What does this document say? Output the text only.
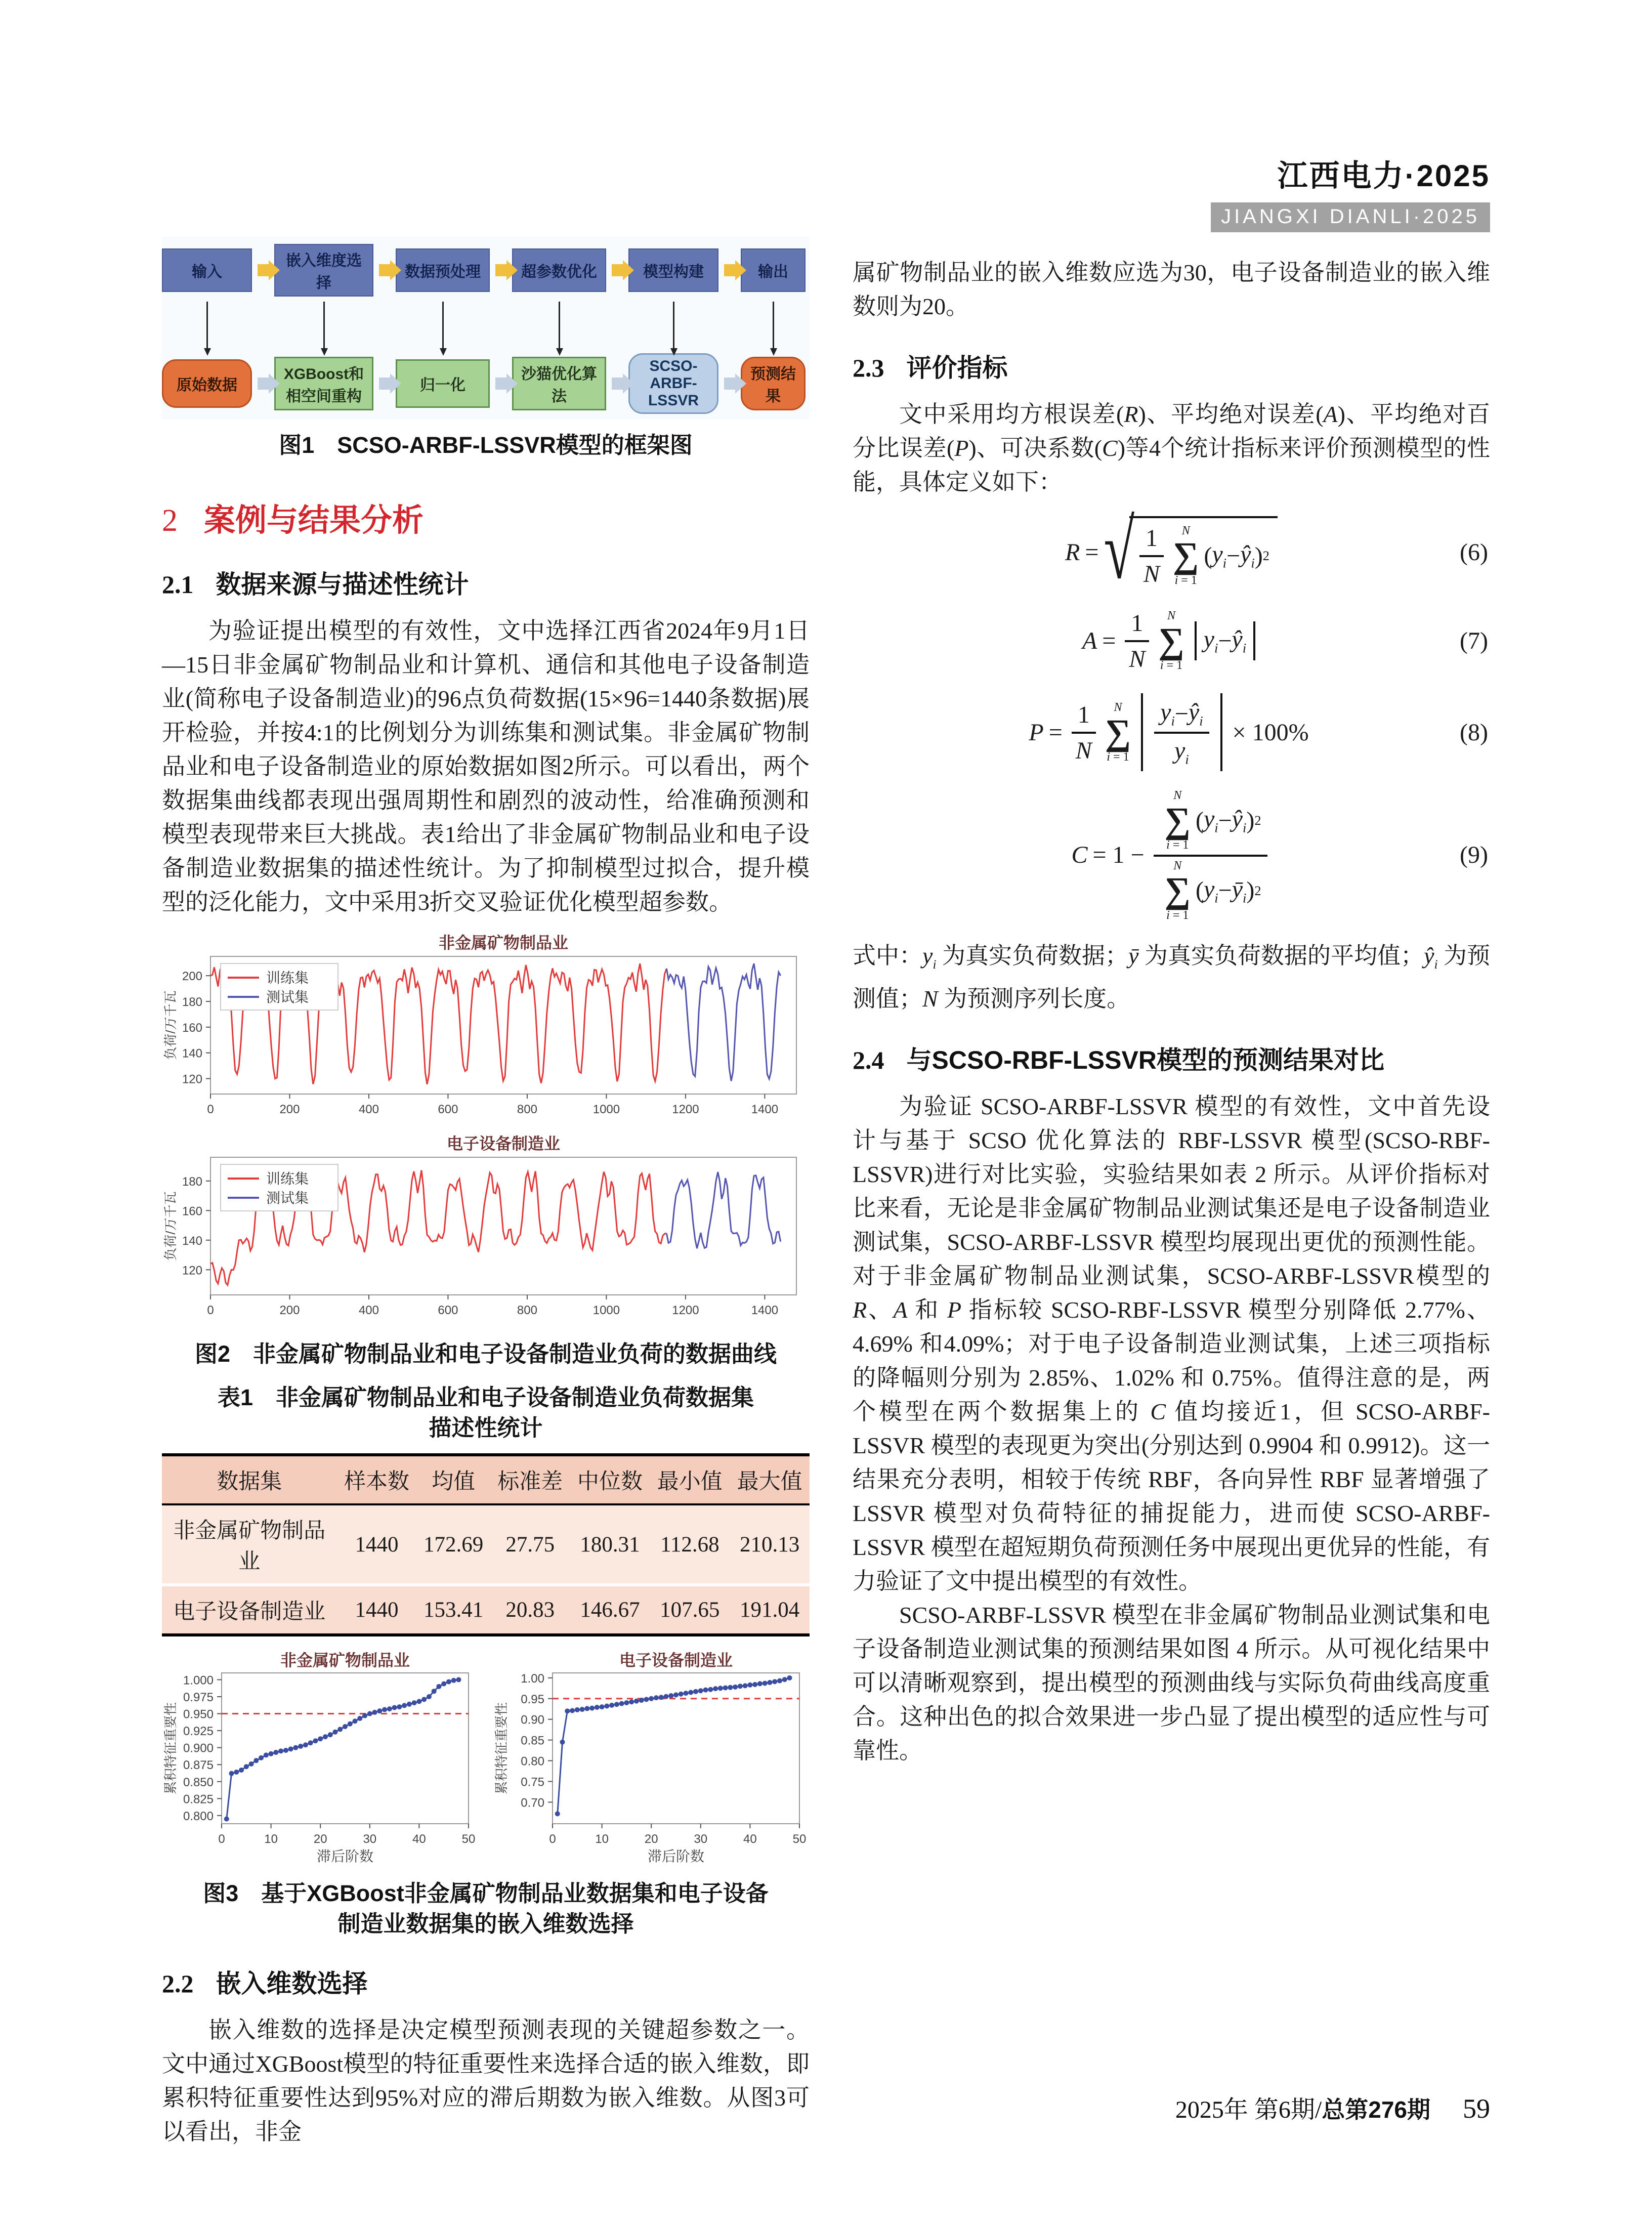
江西电力·2025
JIANGXI DIANLI·2025
输入
嵌入维度选择
数据预处理	超参数优化	模型构建	输出
原始数据
XGBoost和相空间重构
归一化
沙猫优化算法
SCSO-ARBF-LSSVR
预测结果
图1　SCSO-ARBF-LSSVR模型的框架图
2 案例与结果分析
2.1 数据来源与描述性统计

为验证提出模型的有效性，文中选择江西省2024年9月1日—15日非金属矿物制品业和计算机、通信和其他电子设备制造业(简称电子设备制造业)的96点负荷数据(15×96=1440条数据)展开检验，并按4:1的比例划分为训练集和测试集。非金属矿物制品业和电子设备制造业的原始数据如图2所示。可以看出，两个数据集曲线都表现出强周期性和剧烈的波动性，给准确预测和模型表现带来巨大挑战。表1给出了非金属矿物制品业和电子设备制造业数据集的描述性统计。为了抑制模型过拟合，提升模型的泛化能力，文中采用3折交叉验证优化模型超参数。

非金属矿物制品业
120
140
160
180
200
0	200	400	600	800	1000	1200	1400
负荷/万千瓦
训练集
测试集

电子设备制造业
120
140
160
180
0	200	400	600	800	1000	1200	1400
负荷/万千瓦
训练集
测试集
图2　非金属矿物制品业和电子设备制造业负荷的数据曲线
表1　非金属矿物制品业和电子设备制造业负荷数据集
描述性统计
数据集	样本数	均值	标准差	中位数	最小值	最大值
非金属矿物制品业	1440	172.69	27.75	180.31	112.68	210.13
电子设备制造业	1440	153.41	20.83	146.67	107.65	191.04
非金属矿物制品业
0.800
0.825
0.850
0.875
0.900
0.925
0.950
0.975
1.000
0	10	20	30	40	50
累积特征重要性
滞后阶数
电子设备制造业
0.70
0.75
0.80
0.85
0.90
0.95
1.00
0	10	20	30	40	50
累积特征重要性
滞后阶数
图3　基于XGBoost非金属矿物制品业数据集和电子设备
制造业数据集的嵌入维数选择
2.2 嵌入维数选择

嵌入维数的选择是决定模型预测表现的关键超参数之一。文中通过XGBoost模型的特征重要性来选择合适的嵌入维数，即累积特征重要性达到95%对应的滞后期数为嵌入维数。从图3可以看出，非金

属矿物制品业的嵌入维数应选为30，电子设备制造业的嵌入维数则为20。

2.3 评价指标

文中采用均方根误差(R)、平均绝对误差(A)、平均绝对百分比误差(P)、可决系数(C)等4个统计指标来评价预测模型的性能，具体定义如下：

R = √ $\frac{1}{N}$ N
∑
i = 1
( $y_i$ − $ŷ_i$ ) 2	(6)
$A = \frac{1}{N}$ N
∑
i = 1
$y_i$ − $ŷ_i$	(7)
$P = \frac{1}{N}$ N
∑
$i = 1 \frac{y_i - ŷ_i}{y_i} \times 100\%$	(8)
C = 1 − N
∑
i = 1
( $y_i$ − $ŷ_i$ ) 2
N
∑
i = 1
( $y_i$ − $ȳ_i$ ) 2	(9)

式中：$y_i$ 为真实负荷数据；ȳ 为真实负荷数据的平均值；$ŷ_i$ 为预测值；N 为预测序列长度。

2.4 与SCSO-RBF-LSSVR模型的预测结果对比

为验证 SCSO-ARBF-LSSVR 模型的有效性，文中首先设计与基于 SCSO 优化算法的 RBF-LSSVR 模型(SCSO-RBF-LSSVR)进行对比实验，实验结果如表 2 所示。从评价指标对比来看，无论是非金属矿物制品业测试集还是电子设备制造业测试集，SCSO-ARBF-LSSVR 模型均展现出更优的预测性能。对于非金属矿物制品业测试集，SCSO-ARBF-LSSVR模型的 R、A 和 P 指标较 SCSO-RBF-LSSVR 模型分别降低 2.77%、4.69% 和4.09%；对于电子设备制造业测试集，上述三项指标的降幅则分别为 2.85%、1.02% 和 0.75%。值得注意的是，两个模型在两个数据集上的 C 值均接近1，但 SCSO-ARBF-LSSVR 模型的表现更为突出(分别达到 0.9904 和 0.9912)。这一结果充分表明，相较于传统 RBF，各向异性 RBF 显著增强了 LSSVR 模型对负荷特征的捕捉能力，进而使 SCSO-ARBF-LSSVR 模型在超短期负荷预测任务中展现出更优异的性能，有力验证了文中提出模型的有效性。

SCSO-ARBF-LSSVR 模型在非金属矿物制品业测试集和电子设备制造业测试集的预测结果如图 4 所示。从可视化结果中可以清晰观察到，提出模型的预测曲线与实际负荷曲线高度重合。这种出色的拟合效果进一步凸显了提出模型的适应性与可靠性。

2025年 第6期/总第276期 59
